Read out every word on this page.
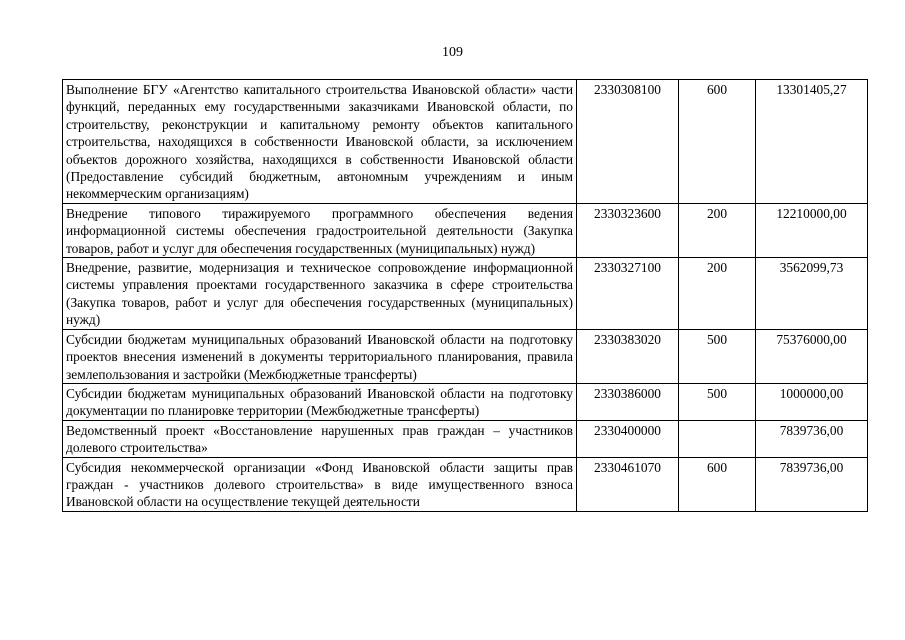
109
Выполнение БГУ «Агентство капитального строительства Ивановской области» части функций, переданных ему государственными заказчиками Ивановской области, по строительству, реконструкции и капитальному ремонту объектов капитального строительства, находящихся в собственности Ивановской области, за исключением объектов дорожного хозяйства, находящихся в собственности Ивановской области (Предоставление субсидий бюджетным, автономным учреждениям и иным некоммерческим организациям)	2330308100	600	13301405,27
Внедрение типового тиражируемого программного обеспечения ведения информационной системы обеспечения градостроительной деятельности (Закупка товаров, работ и услуг для обеспечения государственных (муниципальных) нужд)	2330323600	200	12210000,00
Внедрение, развитие, модернизация и техническое сопровождение информационной системы управления проектами государственного заказчика в сфере строительства (Закупка товаров, работ и услуг для обеспечения государственных (муниципальных) нужд)	2330327100	200	3562099,73
Субсидии бюджетам муниципальных образований Ивановской области на подготовку проектов внесения изменений в документы территориального планирования, правила землепользования и застройки (Межбюджетные трансферты)	2330383020	500	75376000,00
Субсидии бюджетам муниципальных образований Ивановской области на подготовку документации по планировке территории (Межбюджетные трансферты)	2330386000	500	1000000,00
Ведомственный проект «Восстановление нарушенных прав граждан – участников долевого строительства»	2330400000		7839736,00

Субсидия некоммерческой организации «Фонд Ивановской области защиты прав граждан - участников долевого строительства» в виде имущественного взноса Ивановской области на осуществление текущей деятельности	2330461070	600	7839736,00
